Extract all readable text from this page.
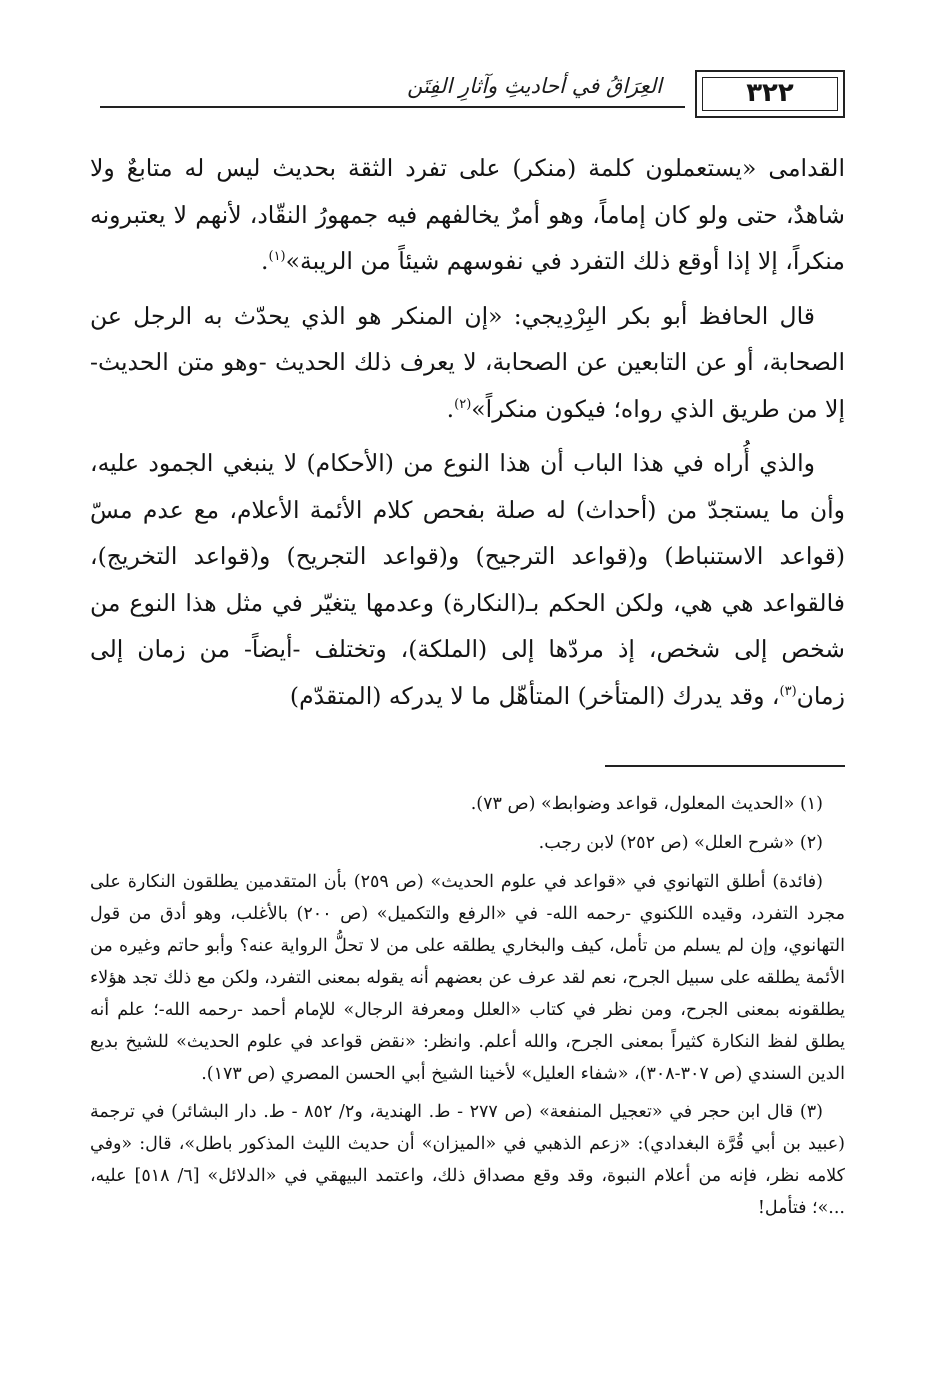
العِرَاقُ في أحاديثِ وآثارِ الفِتَن	٣٢٢

القدامى «يستعملون كلمة (منكر) على تفرد الثقة بحديث ليس له متابعٌ ولا شاهدٌ، حتى ولو كان إماماً، وهو أمرٌ يخالفهم فيه جمهورُ النقّاد، لأنهم لا يعتبرونه منكراً، إلا إذا أوقع ذلك التفرد في نفوسهم شيئاً من الريبة»$^{(١)}$.

قال الحافظ أبو بكر البِرْدِيجي: «إن المنكر هو الذي يحدّث به الرجل عن الصحابة، أو عن التابعين عن الصحابة، لا يعرف ذلك الحديث -وهو متن الحديث- إلا من طريق الذي رواه؛ فيكون منكراً»$^{(٢)}$.

والذي أُراه في هذا الباب أن هذا النوع من (الأحكام) لا ينبغي الجمود عليه، وأن ما يستجدّ من (أحداث) له صلة بفحص كلام الأئمة الأعلام، مع عدم مسّ (قواعد الاستنباط) و(قواعد الترجيح) و(قواعد التجريح) و(قواعد التخريج)، فالقواعد هي هي، ولكن الحكم بـ(النكارة) وعدمها يتغيّر في مثل هذا النوع من شخص إلى شخص، إذ مردّها إلى (الملكة)، وتختلف -أيضاً- من زمان إلى زمان$^{(٣)}$، وقد يدرك (المتأخر) المتأهّل ما لا يدركه (المتقدّم)

(١) «الحديث المعلول، قواعد وضوابط» (ص ٧٣).

(٢) «شرح العلل» (ص ٢٥٢) لابن رجب.

(فائدة) أطلق التهانوي في «قواعد في علوم الحديث» (ص ٢٥٩) بأن المتقدمين يطلقون النكارة على مجرد التفرد، وقيده اللكنوي -رحمه الله- في «الرفع والتكميل» (ص ٢٠٠) بالأغلب، وهو أدق من قول التهانوي، وإن لم يسلم من تأمل، كيف والبخاري يطلقه على من لا تحلُّ الرواية عنه؟ وأبو حاتم وغيره من الأئمة يطلقه على سبيل الجرح، نعم لقد عرف عن بعضهم أنه يقوله بمعنى التفرد، ولكن مع ذلك تجد هؤلاء يطلقونه بمعنى الجرح، ومن نظر في كتاب «العلل ومعرفة الرجال» للإمام أحمد -رحمه الله-؛ علم أنه يطلق لفظ النكارة كثيراً بمعنى الجرح، والله أعلم. وانظر: «نقض قواعد في علوم الحديث» للشيخ بديع الدين السندي (ص ٣٠٧-٣٠٨)، «شفاء العليل» لأخينا الشيخ أبي الحسن المصري (ص ١٧٣).

(٣) قال ابن حجر في «تعجيل المنفعة» (ص ٢٧٧ - ط. الهندية، و٢/ ٨٥٢ - ط. دار البشائر) في ترجمة (عبيد بن أبي قُرَّة البغدادي): «زعم الذهبي في «الميزان» أن حديث الليث المذكور باطل»، قال: «وفي كلامه نظر، فإنه من أعلام النبوة، وقد وقع مصداق ذلك، واعتمد البيهقي في «الدلائل» [٦/ ٥١٨] عليه، ...»؛ فتأمل!
